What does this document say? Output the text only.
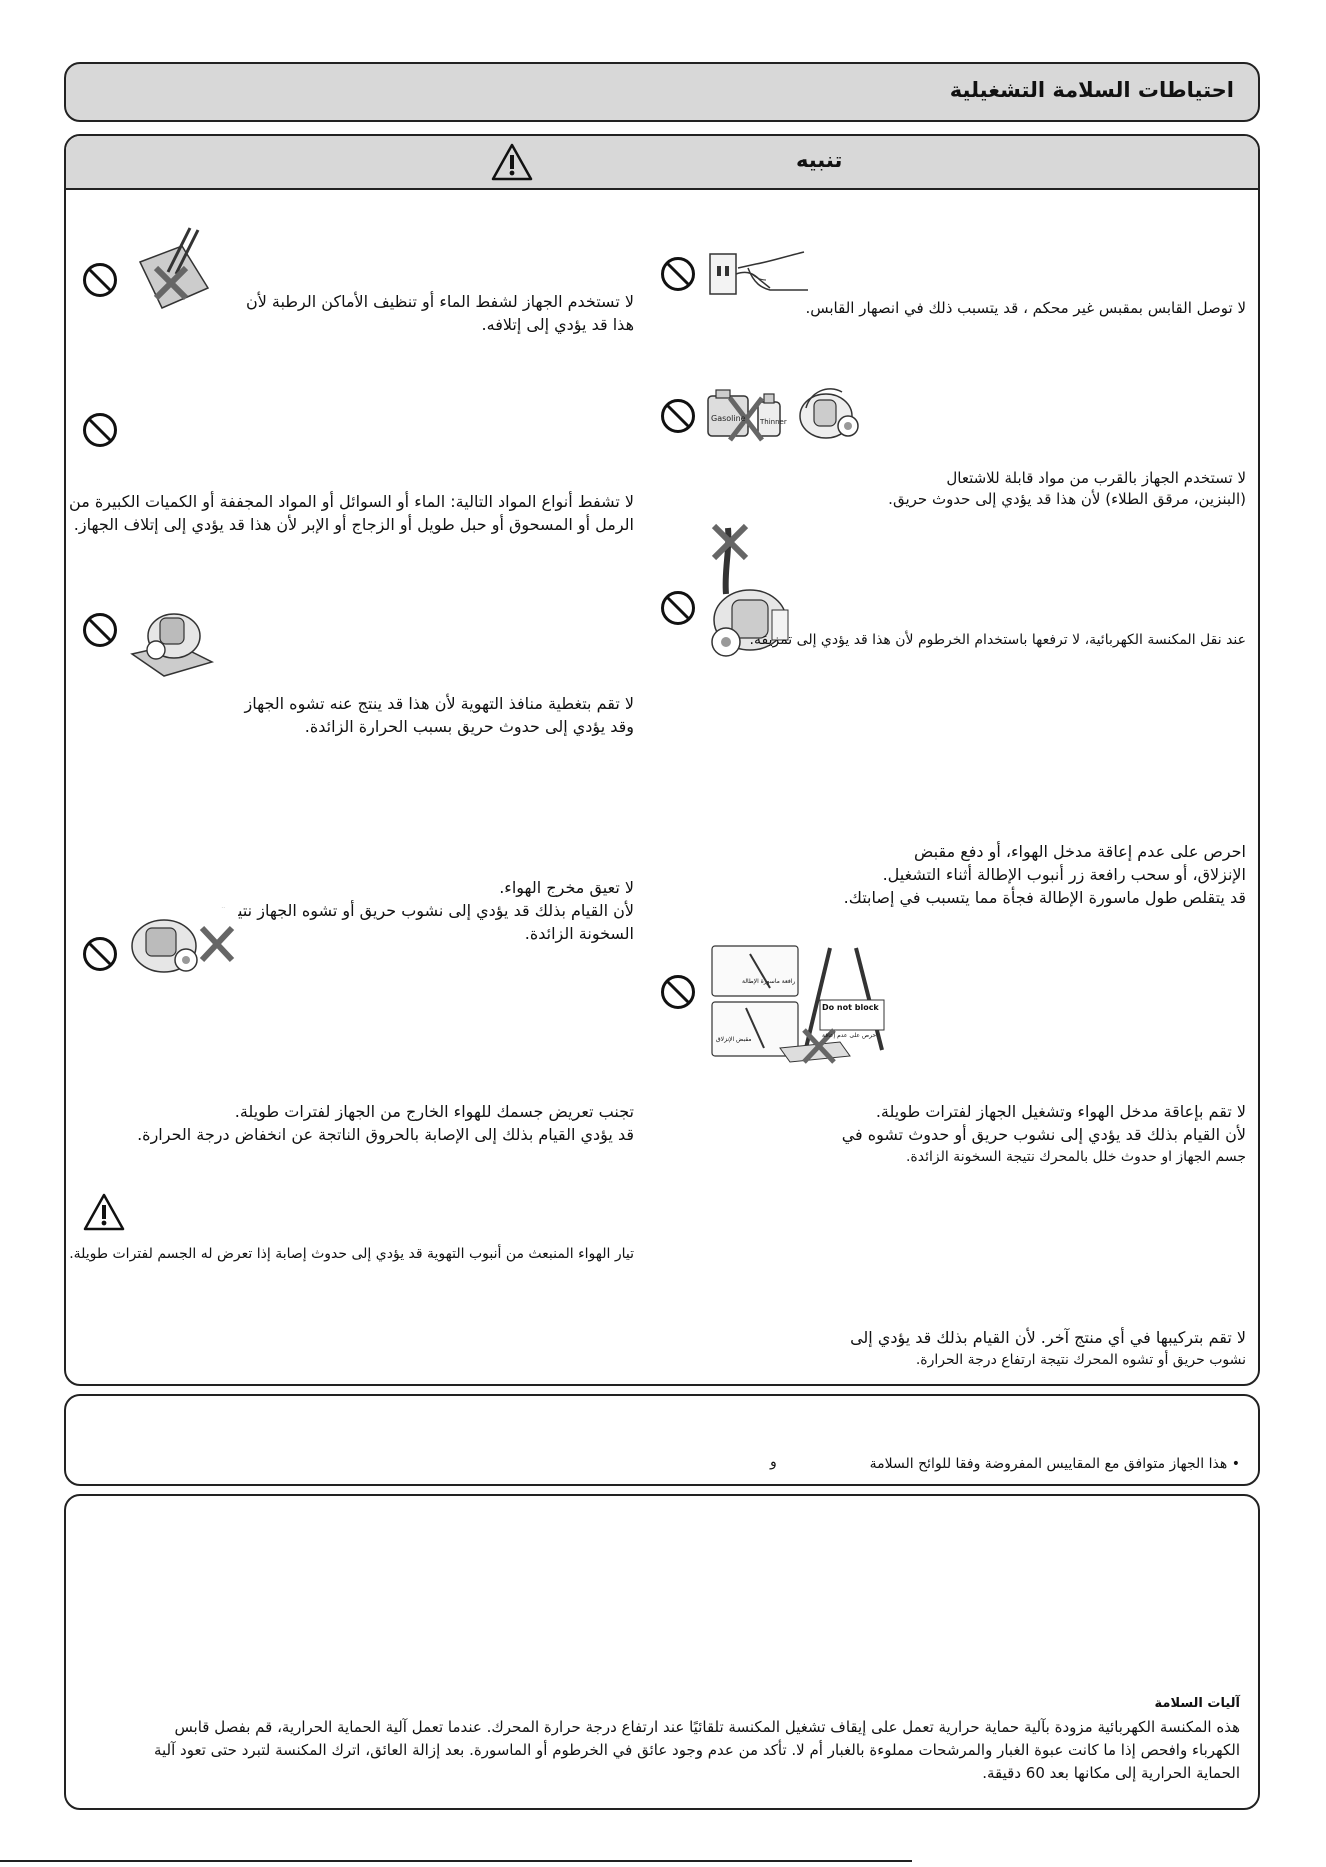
احتياطات السلامة التشغيلية
تنبيه
لا توصل القابس بمقبس غير محكم ، قد يتسبب ذلك في انصهار القابس.
Gasoline Thinner
لا تستخدم الجهاز بالقرب من مواد قابلة للاشتعال
(البنزين، مرقق الطلاء) لأن هذا قد يؤدي إلى حدوث حريق.
عند نقل المكنسة الكهربائية، لا ترفعها باستخدام الخرطوم لأن هذا قد يؤدي إلى تمزيقه.
احرص على عدم إعاقة مدخل الهواء، أو دفع مقبض
الإنزلاق، أو سحب رافعة زر أنبوب الإطالة أثناء التشغيل.
قد يتقلص طول ماسورة الإطالة فجأة مما يتسبب في إصابتك.
رافعة ماسورة الإطالة
مقبض الإنزلاق
Do not block
احرص على عدم إعاقة
لا تقم بإعاقة مدخل الهواء وتشغيل الجهاز لفترات طويلة.
لأن القيام بذلك قد يؤدي إلى نشوب حريق أو حدوث تشوه في
جسم الجهاز او حدوث خلل بالمحرك نتيجة السخونة الزائدة.
لا تقم بتركيبها في أي منتج آخر. لأن القيام بذلك قد يؤدي إلى
نشوب حريق أو تشوه المحرك نتيجة ارتفاع درجة الحرارة.
لا تستخدم الجهاز لشفط الماء أو تنظيف الأماكن الرطبة لأن
هذا قد يؤدي إلى إتلافه.
لا تشفط أنواع المواد التالية: الماء أو السوائل أو المواد المجففة أو الكميات الكبيرة من
الرمل أو المسحوق أو حبل طويل أو الزجاج أو الإبر لأن هذا قد يؤدي إلى إتلاف الجهاز.
لا تقم بتغطية منافذ التهوية لأن هذا قد ينتج عنه تشوه الجهاز
وقد يؤدي إلى حدوث حريق بسبب الحرارة الزائدة.
لا تعيق مخرج الهواء.
لأن القيام بذلك قد يؤدي إلى نشوب حريق أو تشوه الجهاز نتيجة
السخونة الزائدة.
تجنب تعريض جسمك للهواء الخارج من الجهاز لفترات طويلة.
قد يؤدي القيام بذلك إلى الإصابة بالحروق الناتجة عن انخفاض درجة الحرارة.
تيار الهواء المنبعث من أنبوب التهوية قد يؤدي إلى حدوث إصابة إذا تعرض له الجسم لفترات طويلة.
• هذا الجهاز متوافق مع المقاييس المفروضة وفقا للوائح السلامة
و
آليات السلامة
هذه المكنسة الكهربائية مزودة بآلية حماية حرارية تعمل على إيقاف تشغيل المكنسة تلقائيًا عند ارتفاع درجة حرارة المحرك. عندما تعمل آلية الحماية الحرارية، قم بفصل قابس
الكهرباء وافحص إذا ما كانت عبوة الغبار والمرشحات مملوءة بالغبار أم لا. تأكد من عدم وجود عائق في الخرطوم أو الماسورة. بعد إزالة العائق، اترك المكنسة لتبرد حتى تعود آلية
الحماية الحرارية إلى مكانها بعد 60 دقيقة.
